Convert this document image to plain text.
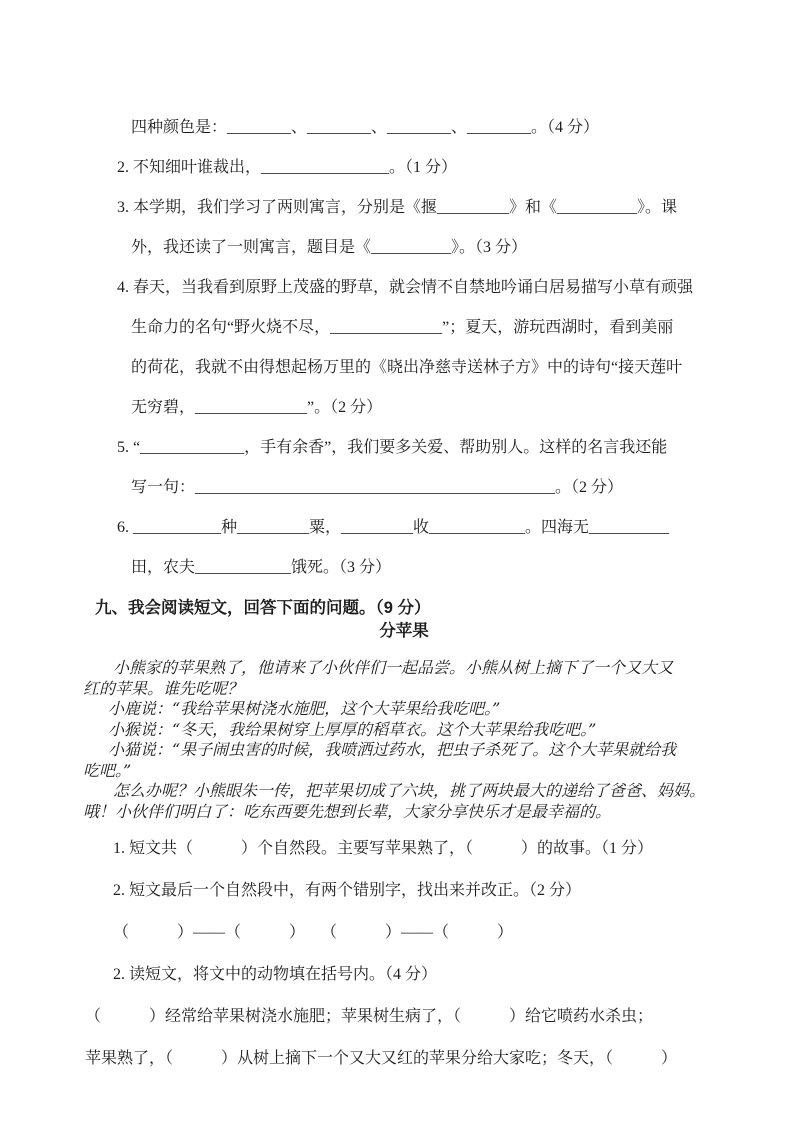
四种颜色是：________、________、________、________。（4 分）
2. 不知细叶谁裁出，________________。（1 分）
3. 本学期，我们学习了两则寓言，分别是《揠_________》和《__________》。课
外，我还读了一则寓言，题目是《__________》。（3 分）
4. 春天，当我看到原野上茂盛的野草，就会情不自禁地吟诵白居易描写小草有顽强
生命力的名句“野火烧不尽，______________”；夏天，游玩西湖时，看到美丽
的荷花，我就不由得想起杨万里的《晓出净慈寺送林子方》中的诗句“接天莲叶
无穷碧，______________”。（2 分）
5. “_____________，手有余香”，我们要多关爱、帮助别人。这样的名言我还能
写一句：_____________________________________________。（2 分）
6. ___________种_________粟，_________收____________。四海无__________
田，农夫____________饿死。（3 分）
九、我会阅读短文，回答下面的问题。（9 分）
分苹果
小熊家的苹果熟了，他请来了小伙伴们一起品尝。小熊从树上摘下了一个又大又
红的苹果。谁先吃呢？
小鹿说：“我给苹果树浇水施肥，这个大苹果给我吃吧。”
小猴说：“冬天，我给果树穿上厚厚的稻草衣。这个大苹果给我吃吧。”
小猫说：“果子闹虫害的时候，我喷洒过药水，把虫子杀死了。这个大苹果就给我
吃吧。”
怎么办呢？小熊眼朱一传，把苹果切成了六块，挑了两块最大的递给了爸爸、妈妈。
哦！小伙伴们明白了：吃东西要先想到长辈，大家分享快乐才是最幸福的。
1. 短文共（　　　）个自然段。主要写苹果熟了，（　　　）的故事。（1 分）
2. 短文最后一个自然段中，有两个错别字，找出来并改正。（2 分）
（　　　）——（　　　）　　（　　　）——（　　　）
2. 读短文，将文中的动物填在括号内。（4 分）
（　　　）经常给苹果树浇水施肥；苹果树生病了，（　　　）给它喷药水杀虫；
苹果熟了，（　　　）从树上摘下一个又大又红的苹果分给大家吃；冬天，（　　　）
